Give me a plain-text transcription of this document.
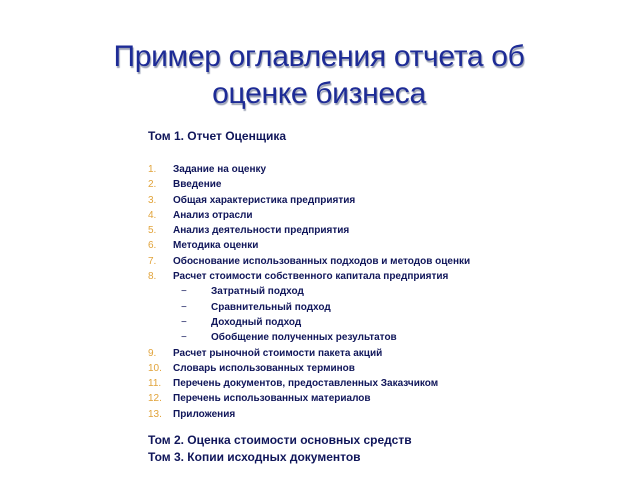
Пример оглавления отчета об
оценке бизнеса
Том 1. Отчет Оценщика
1. Задание на оценку
2. Введение
3. Общая характеристика предприятия
4. Анализ отрасли
5. Анализ деятельности предприятия
6. Методика оценки
7. Обоснование использованных подходов и методов оценки
8. Расчет стоимости собственного капитала предприятия
− Затратный подход
− Сравнительный подход
− Доходный подход
− Обобщение полученных результатов
9. Расчет рыночной стоимости пакета акций
10. Словарь использованных терминов
11. Перечень документов, предоставленных Заказчиком
12. Перечень использованных материалов
13. Приложения
Том 2. Оценка стоимости основных средств
Том 3. Копии исходных документов
